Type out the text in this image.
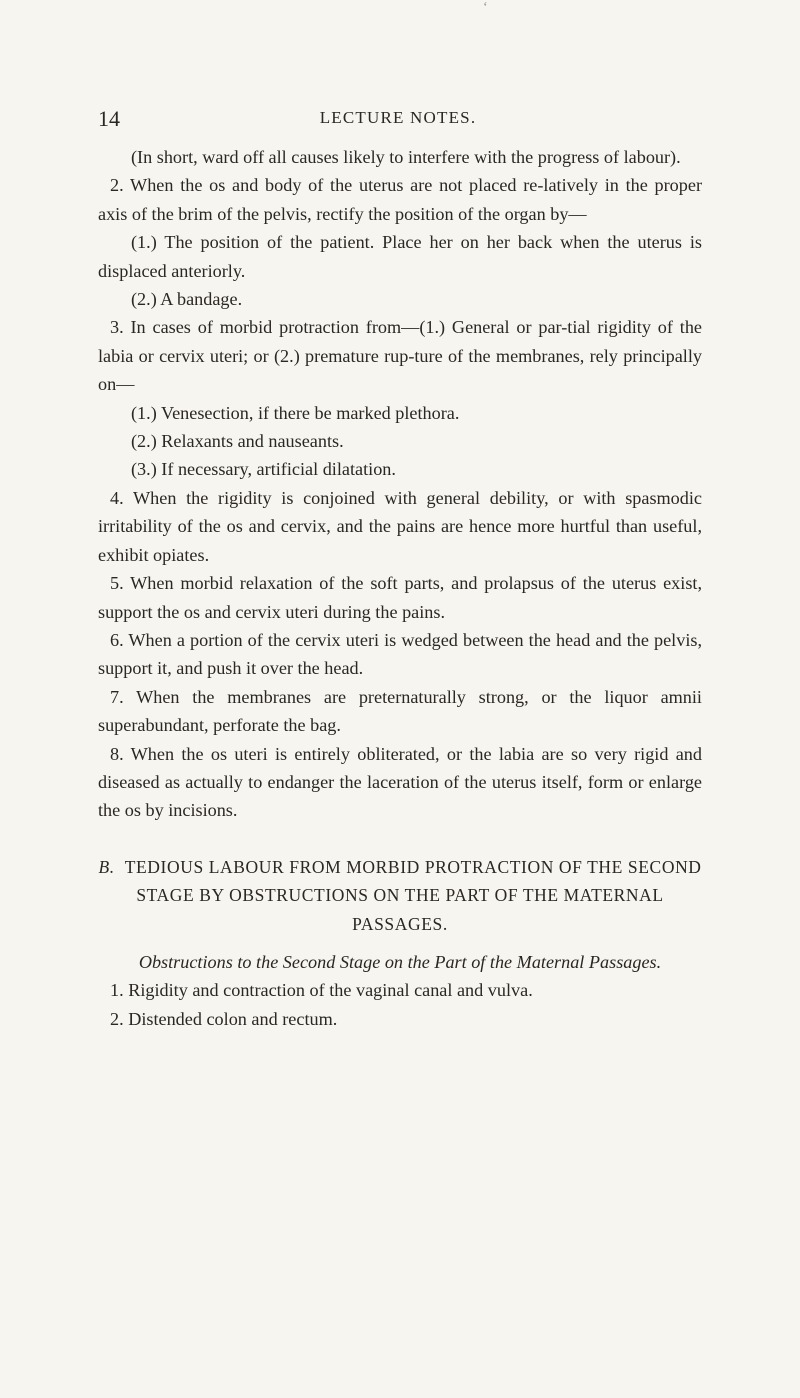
ʻ
14	LECTURE NOTES.

(In short, ward off all causes likely to interfere with the progress of labour).

2. When the os and body of the uterus are not placed re-latively in the proper axis of the brim of the pelvis, rectify the position of the organ by—

(1.) The position of the patient. Place her on her back when the uterus is displaced anteriorly.

(2.) A bandage.

3. In cases of morbid protraction from—(1.) General or par-tial rigidity of the labia or cervix uteri; or (2.) premature rup-ture of the membranes, rely principally on—

(1.) Venesection, if there be marked plethora.

(2.) Relaxants and nauseants.

(3.) If necessary, artificial dilatation.

4. When the rigidity is conjoined with general debility, or with spasmodic irritability of the os and cervix, and the pains are hence more hurtful than useful, exhibit opiates.

5. When morbid relaxation of the soft parts, and prolapsus of the uterus exist, support the os and cervix uteri during the pains.

6. When a portion of the cervix uteri is wedged between the head and the pelvis, support it, and push it over the head.

7. When the membranes are preternaturally strong, or the liquor amnii superabundant, perforate the bag.

8. When the os uteri is entirely obliterated, or the labia are so very rigid and diseased as actually to endanger the laceration of the uterus itself, form or enlarge the os by incisions.

B. TEDIOUS LABOUR FROM MORBID PROTRACTION OF THE SECOND STAGE BY OBSTRUCTIONS ON THE PART OF THE MATERNAL PASSAGES.

Obstructions to the Second Stage on the Part of the Maternal Passages.

1. Rigidity and contraction of the vaginal canal and vulva.

2. Distended colon and rectum.
